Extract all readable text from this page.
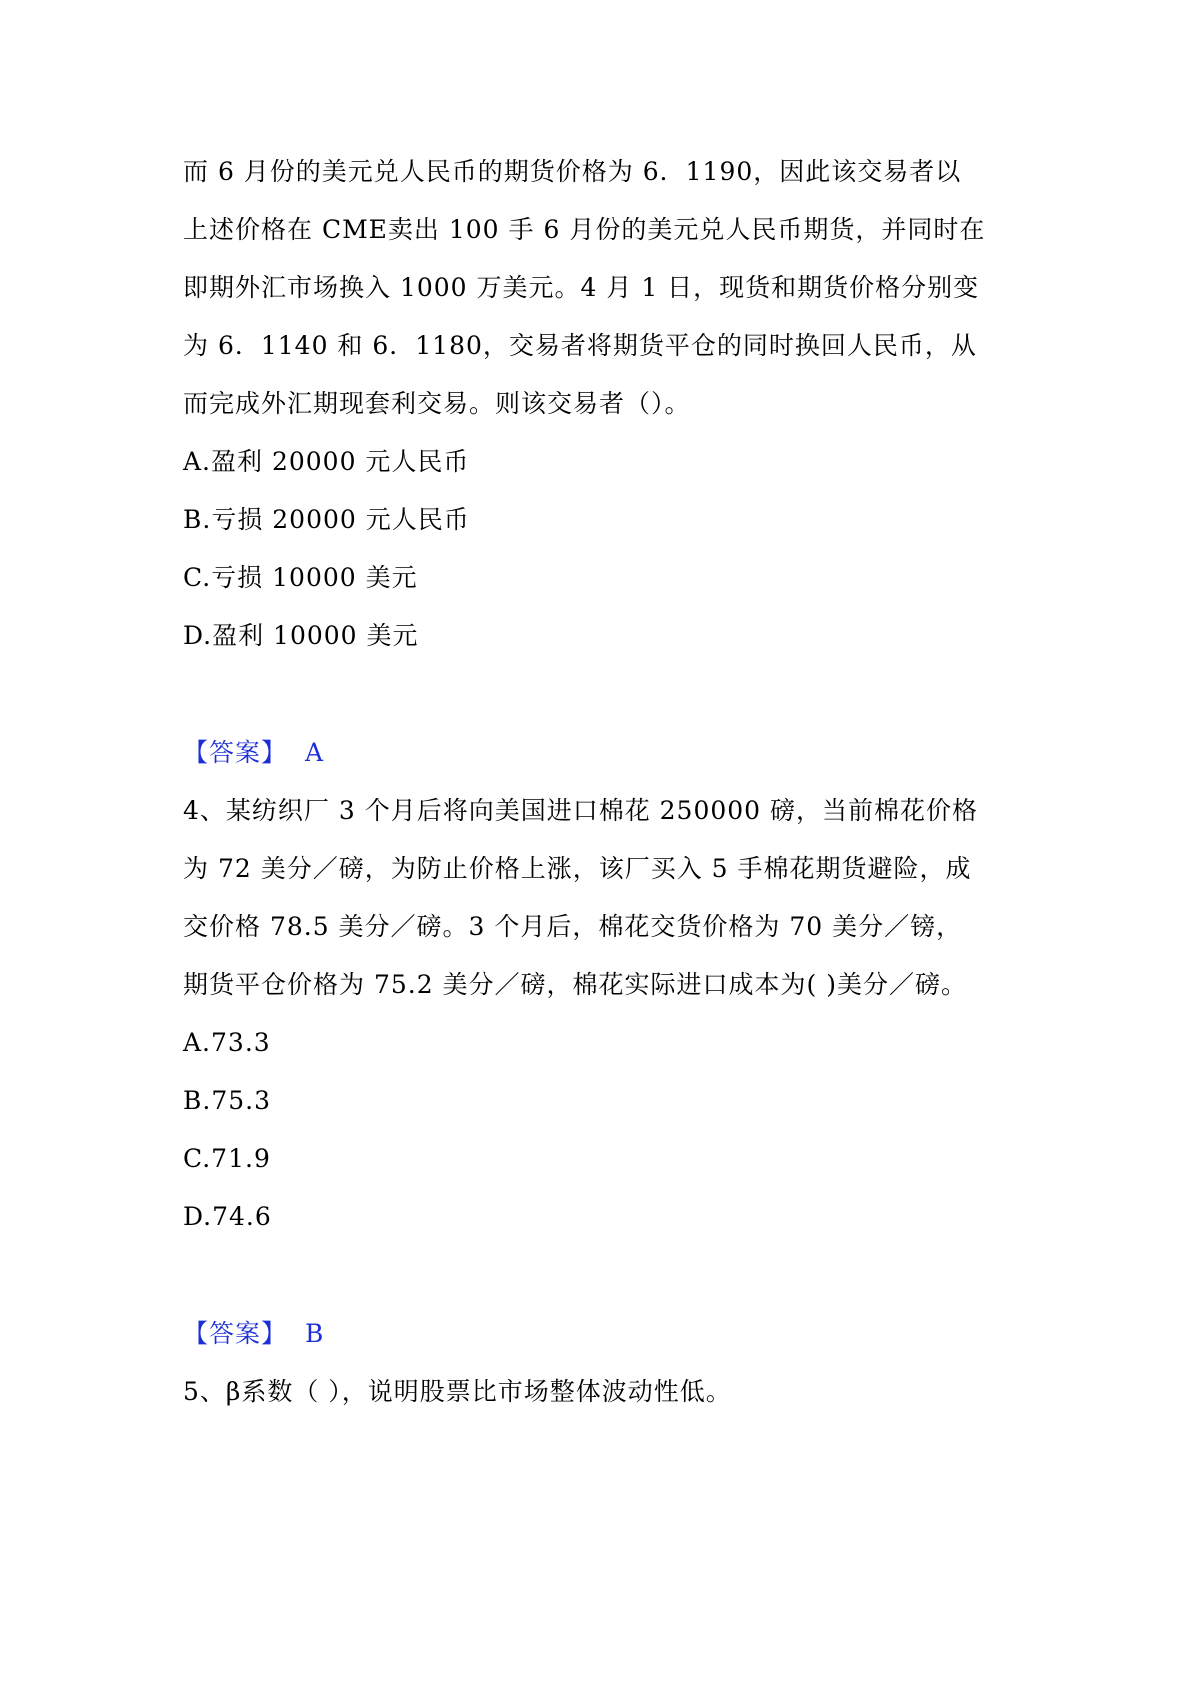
而 6 月份的美元兑人民币的期货价格为 6．1190，因此该交易者以
上述价格在 CME卖出 100 手 6 月份的美元兑人民币期货，并同时在
即期外汇市场换入 1000 万美元。4 月 1 日，现货和期货价格分别变
为 6．1140 和 6．1180，交易者将期货平仓的同时换回人民币，从
而完成外汇期现套利交易。则该交易者（）。
A.盈利 20000 元人民币
B.亏损 20000 元人民币
C.亏损 10000 美元
D.盈利 10000 美元
【答案】 A
4、某纺织厂 3 个月后将向美国进口棉花 250000 磅，当前棉花价格
为 72 美分／磅，为防止价格上涨，该厂买入 5 手棉花期货避险，成
交价格 78.5 美分／磅。3 个月后，棉花交货价格为 70 美分／镑，
期货平仓价格为 75.2 美分／磅，棉花实际进口成本为( )美分／磅。
A.73.3
B.75.3
C.71.9
D.74.6
【答案】 B
5、β系数（ ），说明股票比市场整体波动性低。
